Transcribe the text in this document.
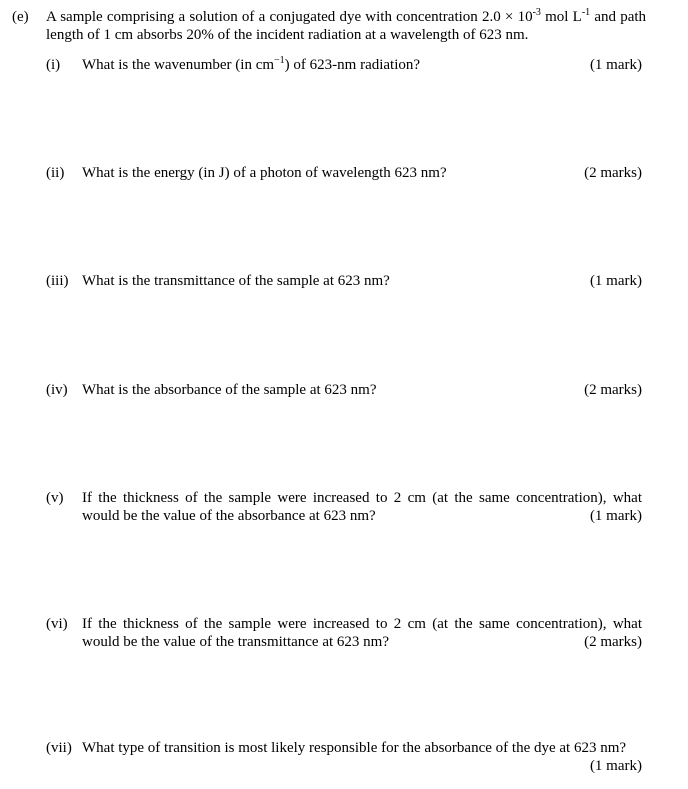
(e) A sample comprising a solution of a conjugated dye with concentration $2.0 \times 10^{-3}$ mol $L^{-1}$ and path length of 1 cm absorbs 20% of the incident radiation at a wavelength of 623 nm.
(i) What is the wavenumber (in $cm^{-1}$) of 623-nm radiation?	(1 mark)
(ii) What is the energy (in J) of a photon of wavelength 623 nm?	(2 marks)
(iii) What is the transmittance of the sample at 623 nm?	(1 mark)
(iv) What is the absorbance of the sample at 623 nm?	(2 marks)
(v) If the thickness of the sample were increased to 2 cm (at the same concentration), what
would be the value of the absorbance at 623 nm?	(1 mark)
(vi) If the thickness of the sample were increased to 2 cm (at the same concentration), what
would be the value of the transmittance at 623 nm?	(2 marks)
(vii) What type of transition is most likely responsible for the absorbance of the dye at 623 nm?
(1 mark)
